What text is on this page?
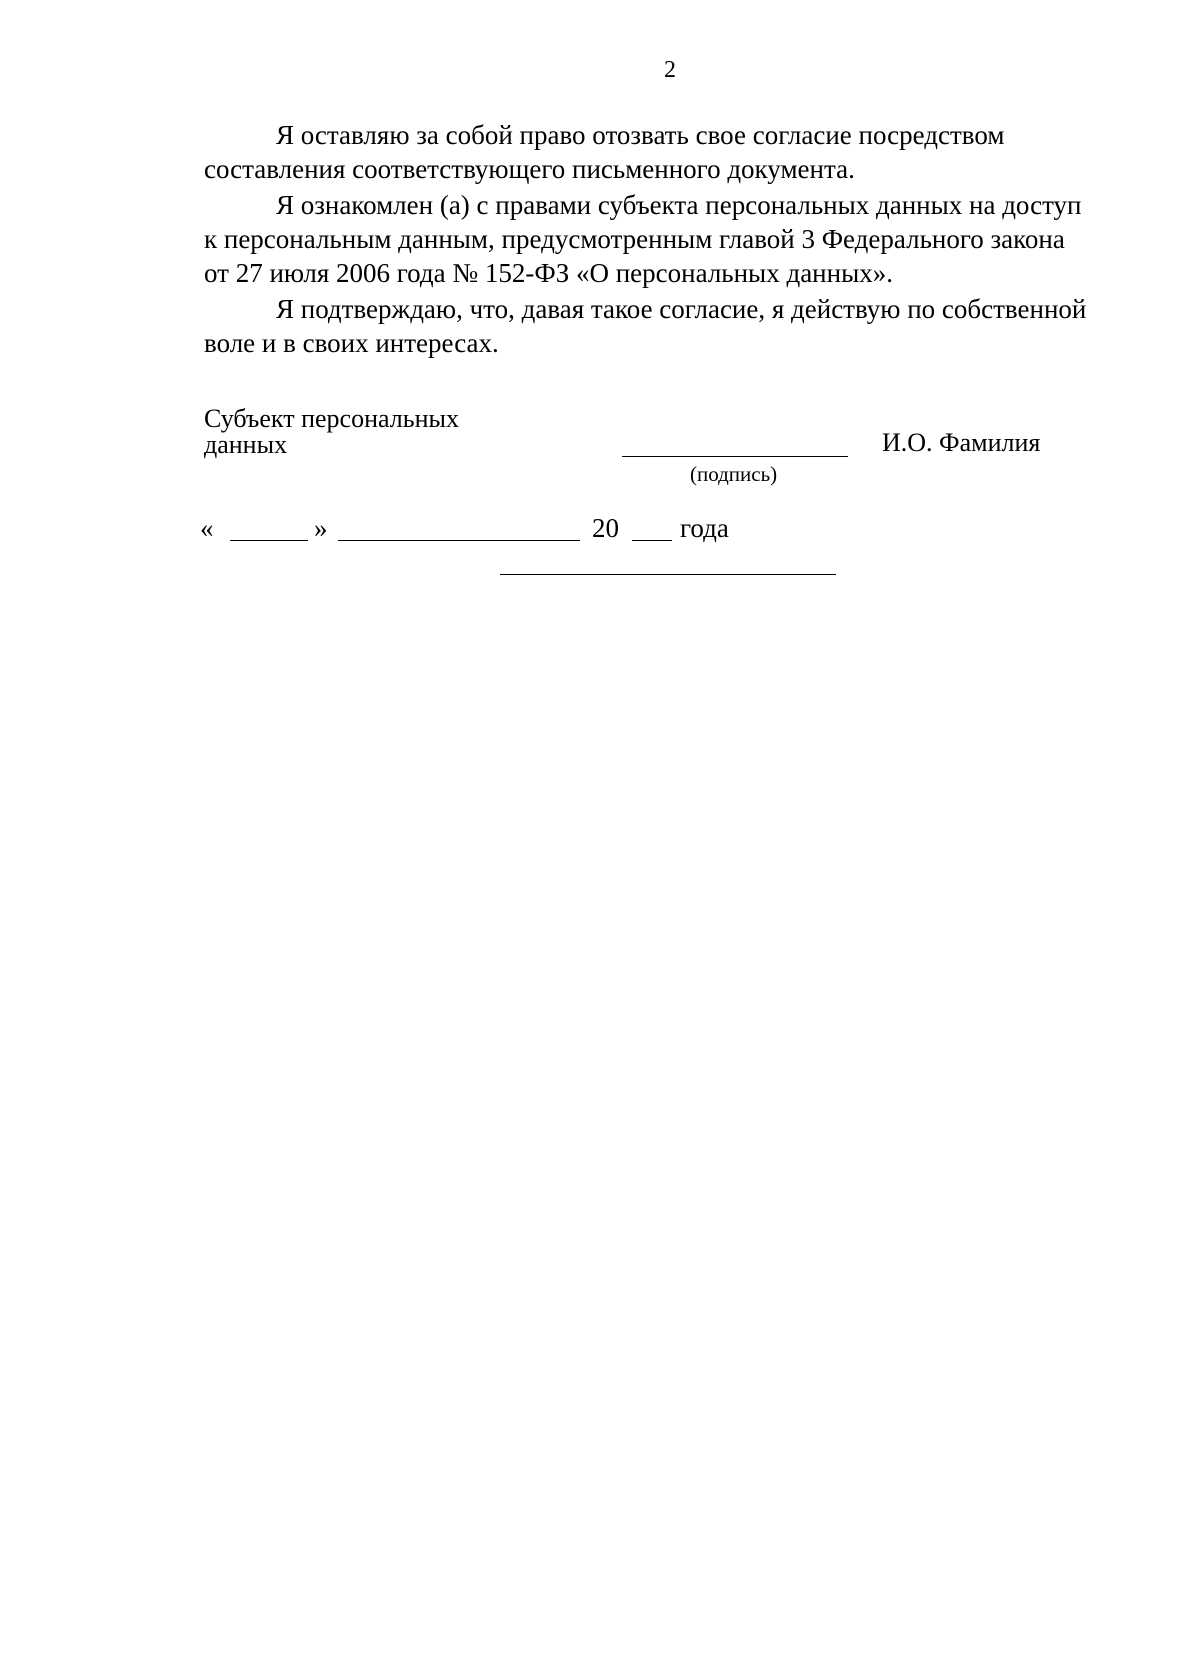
2

Я оставляю за собой право отозвать свое согласие посредством
составления соответствующего письменного документа.

Я ознакомлен (а) с правами субъекта персональных данных на доступ
к персональным данным, предусмотренным главой 3 Федерального закона
от 27 июля 2006 года № 152-ФЗ «О персональных данных».

Я подтверждаю, что, давая такое согласие, я действую по собственной
воле и в своих интересах.

Субъект персональных
данных
(подпись)
И.О. Фамилия
«	»	20 года
